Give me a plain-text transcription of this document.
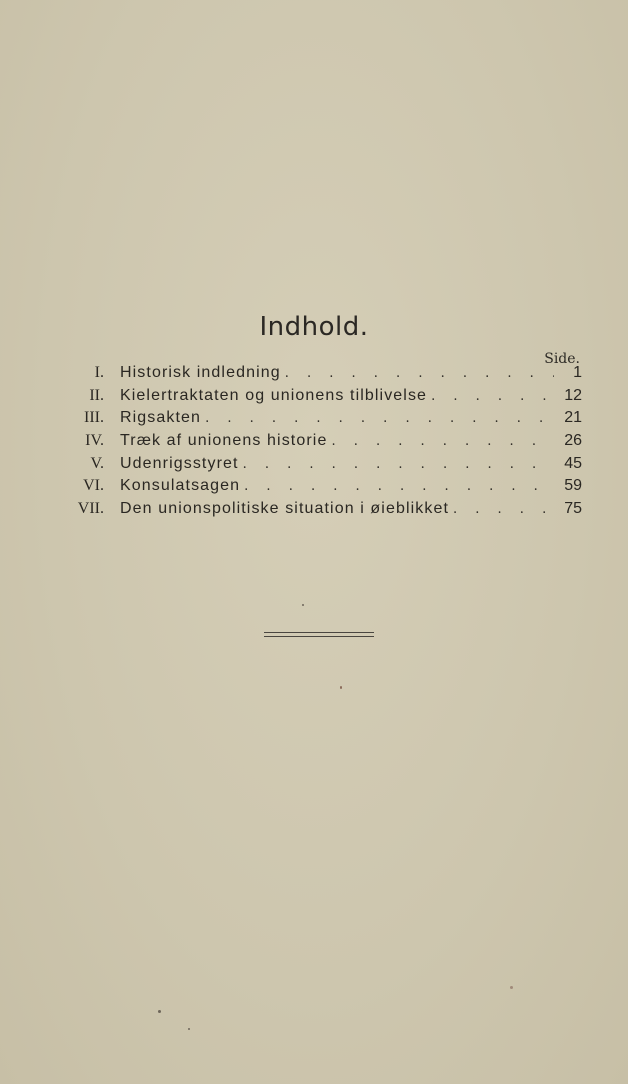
Indhold.
Side.
I. Historisk indledning . . .	1
II. Kielertraktaten og unionens tilblivelse . . .	12
III. Rigsakten . . .	21
IV. Træk af unionens historie . . .	26
V. Udenrigsstyret . . .	45
VI. Konsulatsagen . . .	59
VII. Den unionspolitiske situation i øieblikket . . .	75
